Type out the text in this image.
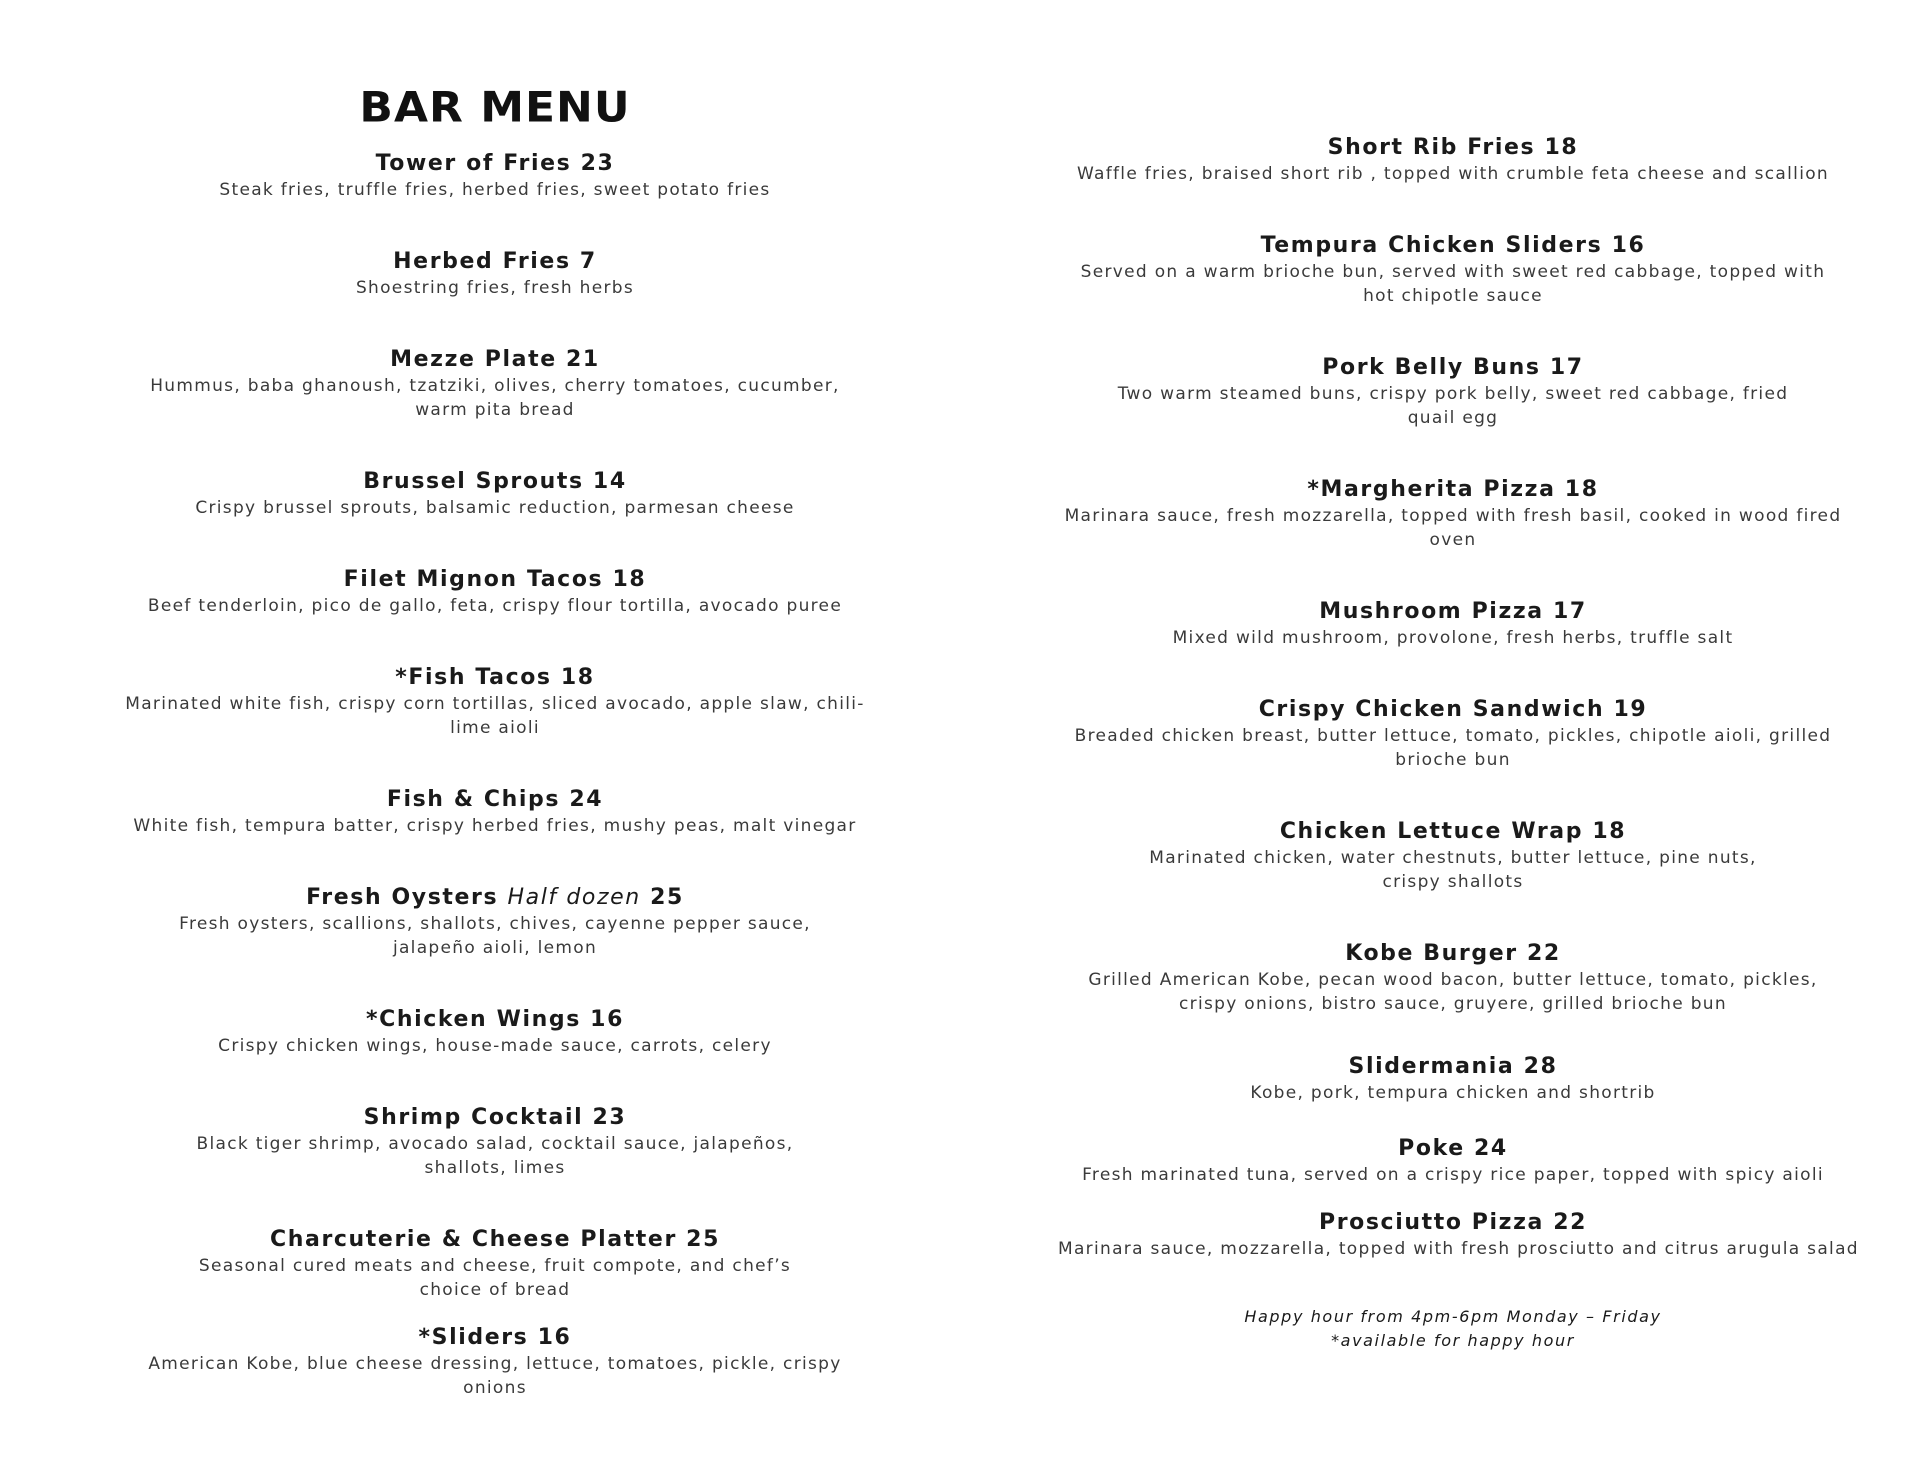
BAR MENU
Tower of Fries 23
Steak fries, truffle fries, herbed fries, sweet potato fries
Herbed Fries 7
Shoestring fries, fresh herbs
Mezze Plate 21
Hummus, baba ghanoush, tzatziki, olives, cherry tomatoes, cucumber, warm pita bread
Brussel Sprouts 14
Crispy brussel sprouts, balsamic reduction, parmesan cheese
Filet Mignon Tacos 18
Beef tenderloin, pico de gallo, feta, crispy flour tortilla, avocado puree
*Fish Tacos 18
Marinated white fish, crispy corn tortillas, sliced avocado, apple slaw, chili-lime aioli
Fish & Chips 24
White fish, tempura batter, crispy herbed fries, mushy peas, malt vinegar
Fresh Oysters Half dozen 25
Fresh oysters, scallions, shallots, chives, cayenne pepper sauce, jalapeño aioli, lemon
*Chicken Wings 16
Crispy chicken wings, house-made sauce, carrots, celery
Shrimp Cocktail 23
Black tiger shrimp, avocado salad, cocktail sauce, jalapeños, shallots, limes
Charcuterie & Cheese Platter 25
Seasonal cured meats and cheese, fruit compote, and chef’s choice of bread
*Sliders 16
American Kobe, blue cheese dressing, lettuce, tomatoes, pickle, crispy onions
Short Rib Fries 18
Waffle fries, braised short rib , topped with crumble feta cheese and scallion
Tempura Chicken Sliders 16
Served on a warm brioche bun, served with sweet red cabbage, topped with hot chipotle sauce
Pork Belly Buns 17
Two warm steamed buns, crispy pork belly, sweet red cabbage, fried quail egg
*Margherita Pizza 18
Marinara sauce, fresh mozzarella, topped with fresh basil, cooked in wood fired oven
Mushroom Pizza 17
Mixed wild mushroom, provolone, fresh herbs, truffle salt
Crispy Chicken Sandwich 19
Breaded chicken breast, butter lettuce, tomato, pickles, chipotle aioli, grilled brioche bun
Chicken Lettuce Wrap 18
Marinated chicken, water chestnuts, butter lettuce, pine nuts, crispy shallots
Kobe Burger 22
Grilled American Kobe, pecan wood bacon, butter lettuce, tomato, pickles, crispy onions, bistro sauce, gruyere, grilled brioche bun
Slidermania 28
Kobe, pork, tempura chicken and shortrib
Poke 24
Fresh marinated tuna, served on a crispy rice paper, topped with spicy aioli
Prosciutto Pizza 22
Marinara sauce, mozzarella, topped with fresh prosciutto and citrus arugula salad
Happy hour from 4pm-6pm Monday – Friday
*available for happy hour
